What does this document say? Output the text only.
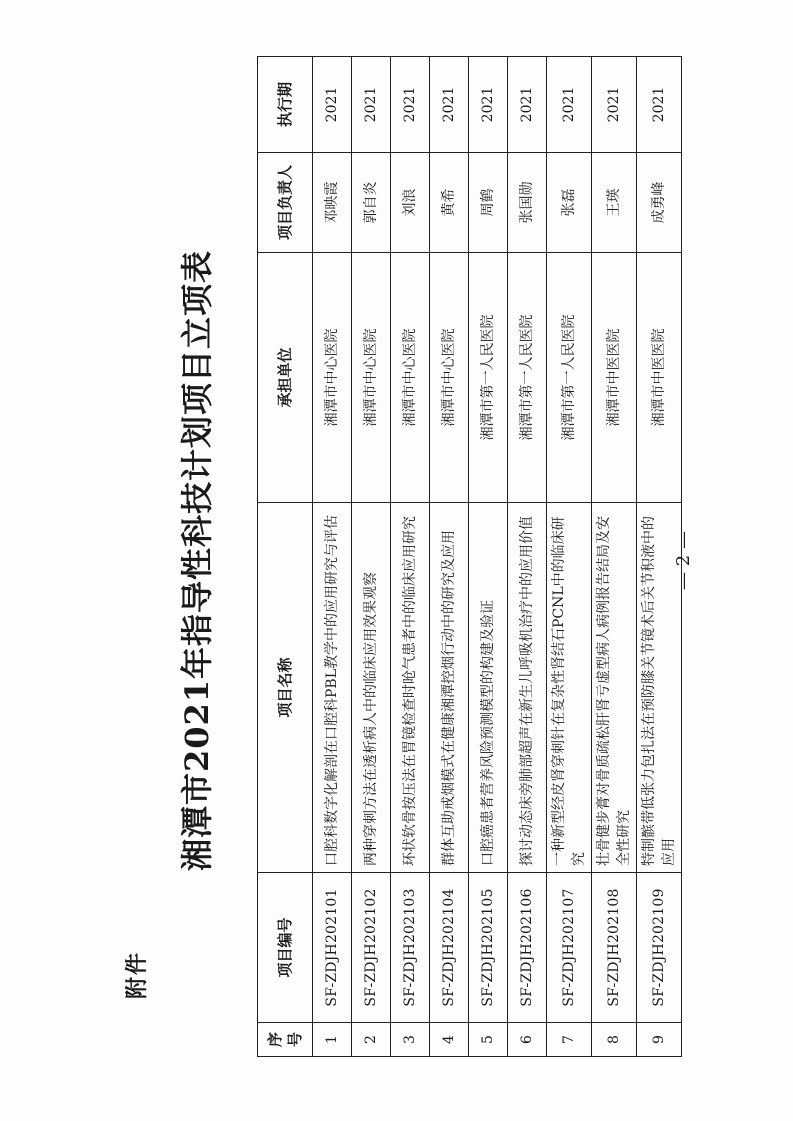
附件
湘潭市2021年指导性科技计划项目立项表
序号	项目编号	项目名称	承担单位	项目负责人	执行期
1	SF-ZDJH202101	口腔科数字化解剖在口腔科PBL教学中的应用研究与评估	湘潭市中心医院	邓映霞	2021
2	SF-ZDJH202102	两种穿刺方法在透析病人中的临床应用效果观察	湘潭市中心医院	郭自炎	2021
3	SF-ZDJH202103	环状软骨按压法在胃镜检查时呛气患者中的临床应用研究	湘潭市中心医院	刘浪	2021
4	SF-ZDJH202104	群体互助戒烟模式在健康湘潭控烟行动中的研究及应用	湘潭市中心医院	黄希	2021
5	SF-ZDJH202105	口腔癌患者营养风险预测模型的构建及验证	湘潭市第一人民医院	周鹤	2021
6	SF-ZDJH202106	探讨动态床旁肺部超声在新生儿呼吸机治疗中的应用价值	湘潭市第一人民医院	张国勋	2021
7	SF-ZDJH202107	一种新型经皮肾穿刺针在复杂性肾结石PCNL中的临床研究	湘潭市第一人民医院	张磊	2021
8	SF-ZDJH202108	壮骨健步膏对骨质疏松肝肾亏虚型病人病例报告结局及安全性研究	湘潭市中医医院	王瑛	2021
9	SF-ZDJH202109	特制髌带低张力包扎法在预防膝关节镜术后关节积液中的应用	湘潭市中医医院	成勇峰	2021
— 2 —
